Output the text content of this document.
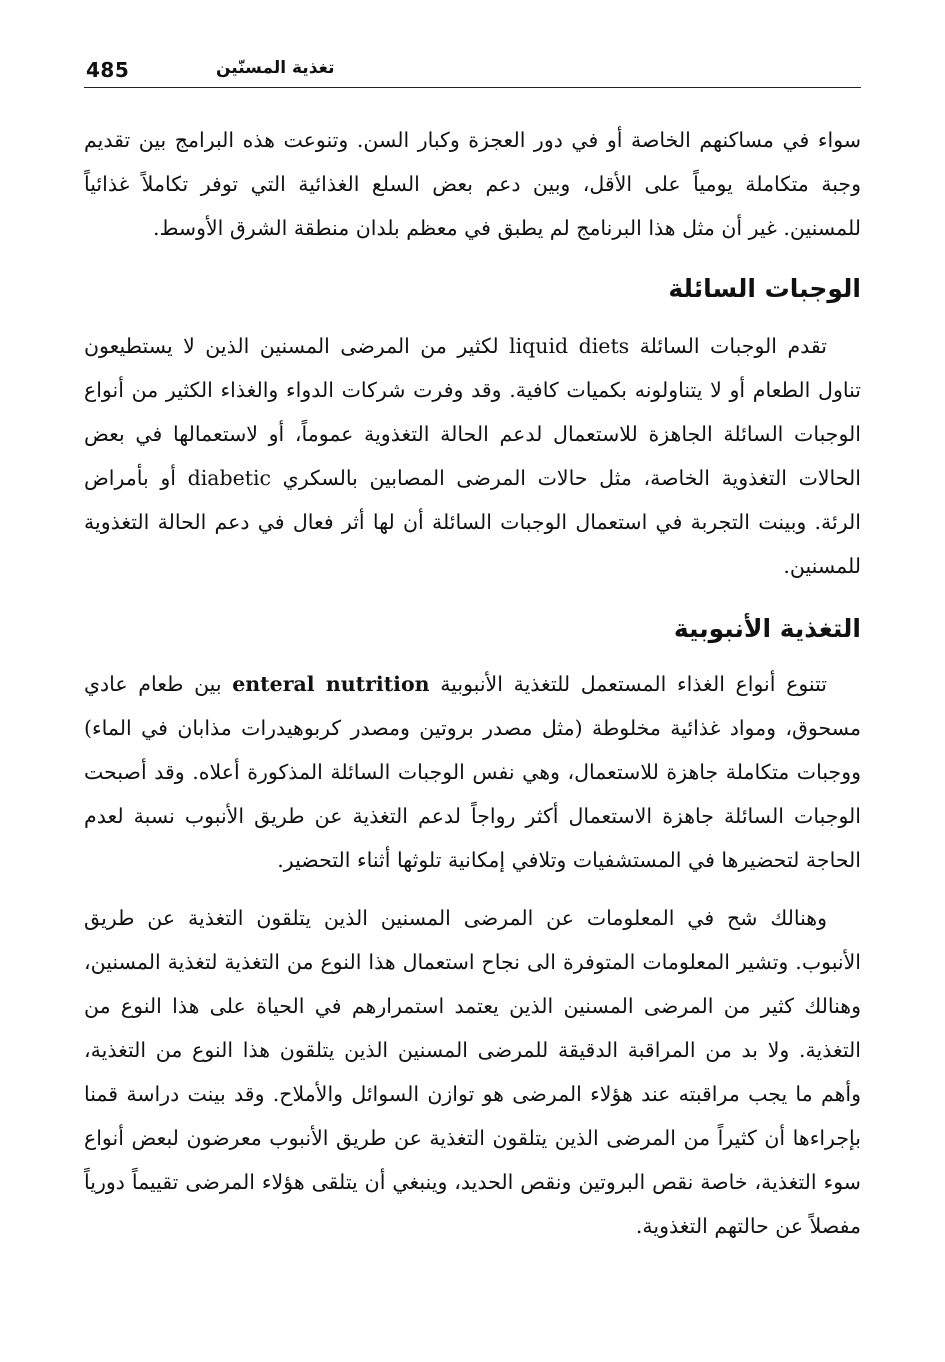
485	تغذية المسنّين

سواء في مساكنهم الخاصة أو في دور العجزة وكبار السن. وتنوعت هذه البرامج بين تقديم وجبة متكاملة يومياً على الأقل، وبين دعم بعض السلع الغذائية التي توفر تكاملاً غذائياً للمسنين. غير أن مثل هذا البرنامج لم يطبق في معظم بلدان منطقة الشرق الأوسط.

الوجبات السائلة

تقدم الوجبات السائلة liquid diets لكثير من المرضى المسنين الذين لا يستطيعون تناول الطعام أو لا يتناولونه بكميات كافية. وقد وفرت شركات الدواء والغذاء الكثير من أنواع الوجبات السائلة الجاهزة للاستعمال لدعم الحالة التغذوية عموماً، أو لاستعمالها في بعض الحالات التغذوية الخاصة، مثل حالات المرضى المصابين بالسكري diabetic أو بأمراض الرئة. وبينت التجربة في استعمال الوجبات السائلة أن لها أثر فعال في دعم الحالة التغذوية للمسنين.

التغذية الأنبوبية

تتنوع أنواع الغذاء المستعمل للتغذية الأنبوبية enteral nutrition بين طعام عادي مسحوق، ومواد غذائية مخلوطة (مثل مصدر بروتين ومصدر كربوهيدرات مذابان في الماء) ووجبات متكاملة جاهزة للاستعمال، وهي نفس الوجبات السائلة المذكورة أعلاه. وقد أصبحت الوجبات السائلة جاهزة الاستعمال أكثر رواجاً لدعم التغذية عن طريق الأنبوب نسبة لعدم الحاجة لتحضيرها في المستشفيات وتلافي إمكانية تلوثها أثناء التحضير.

وهنالك شح في المعلومات عن المرضى المسنين الذين يتلقون التغذية عن طريق الأنبوب. وتشير المعلومات المتوفرة الى نجاح استعمال هذا النوع من التغذية لتغذية المسنين، وهنالك كثير من المرضى المسنين الذين يعتمد استمرارهم في الحياة على هذا النوع من التغذية. ولا بد من المراقبة الدقيقة للمرضى المسنين الذين يتلقون هذا النوع من التغذية، وأهم ما يجب مراقبته عند هؤلاء المرضى هو توازن السوائل والأملاح. وقد بينت دراسة قمنا بإجراءها أن كثيراً من المرضى الذين يتلقون التغذية عن طريق الأنبوب معرضون لبعض أنواع سوء التغذية، خاصة نقص البروتين ونقص الحديد، وينبغي أن يتلقى هؤلاء المرضى تقييماً دورياً مفصلاً عن حالتهم التغذوية.
